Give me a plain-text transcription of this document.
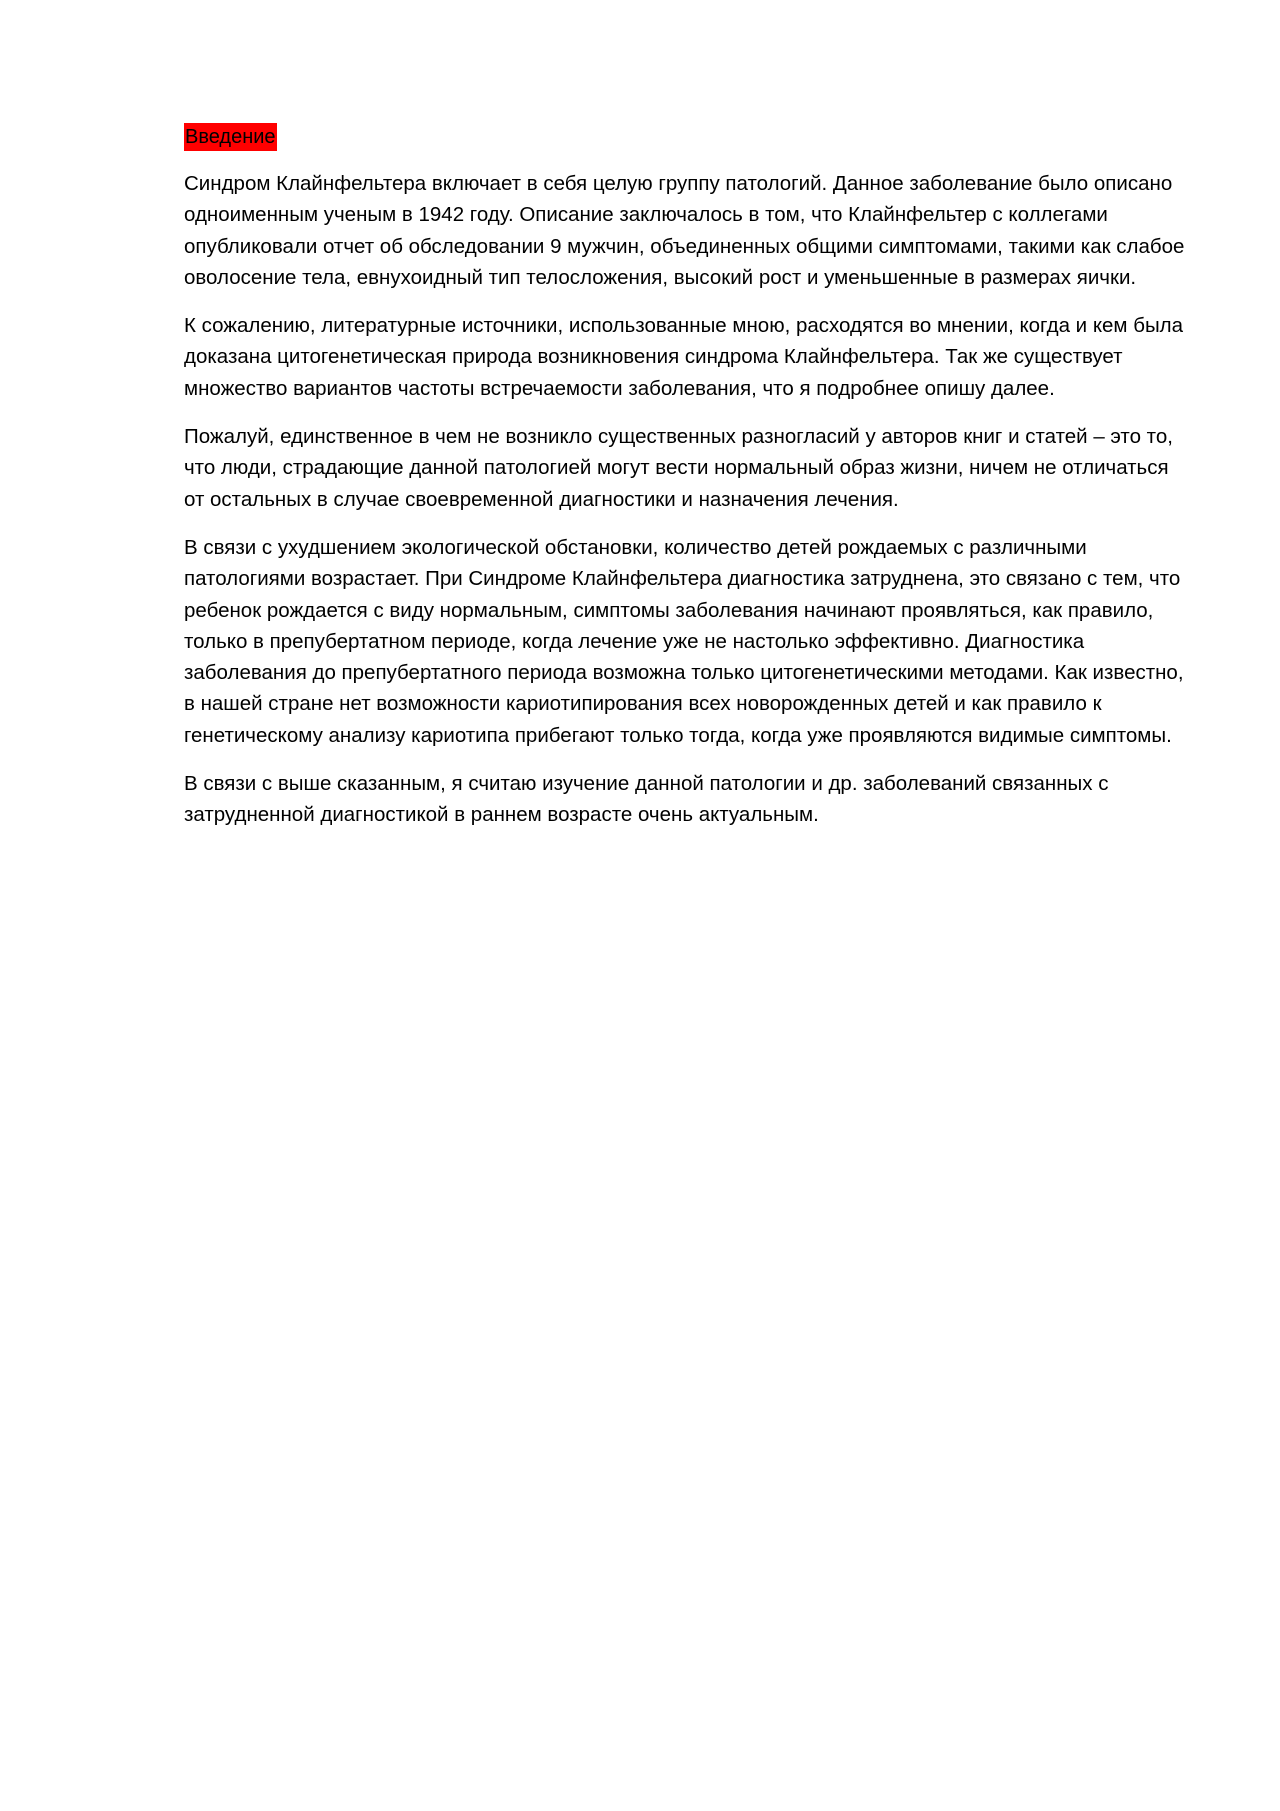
Введение

Синдром Клайнфельтера включает в себя целую группу патологий. Данное заболевание было описано одноименным ученым в 1942 году. Описание заключалось в том, что Клайнфельтер с коллегами опубликовали отчет об обследовании 9 мужчин, объединенных общими симптомами, такими как слабое оволосение тела, евнухоидный тип телосложения, высокий рост и уменьшенные в размерах яички.

К сожалению, литературные источники, использованные мною, расходятся во мнении, когда и кем была доказана цитогенетическая природа возникновения синдрома Клайнфельтера. Так же существует множество вариантов частоты встречаемости заболевания, что я подробнее опишу далее.

Пожалуй, единственное в чем не возникло существенных разногласий у авторов книг и статей – это то, что люди, страдающие данной патологией могут вести нормальный образ жизни, ничем не отличаться от остальных в случае своевременной диагностики и назначения лечения.

В связи с ухудшением экологической обстановки, количество детей рождаемых с различными патологиями возрастает. При Синдроме Клайнфельтера диагностика затруднена, это связано с тем, что ребенок рождается с виду нормальным, симптомы заболевания начинают проявляться, как правило, только в препубертатном периоде, когда лечение уже не настолько эффективно. Диагностика заболевания до препубертатного периода возможна только цитогенетическими методами. Как известно, в нашей стране нет возможности кариотипирования всех новорожденных детей и как правило к генетическому анализу кариотипа прибегают только тогда, когда уже проявляются видимые симптомы.

В связи с выше сказанным, я считаю изучение данной патологии и др. заболеваний связанных с затрудненной диагностикой в раннем возрасте очень актуальным.
